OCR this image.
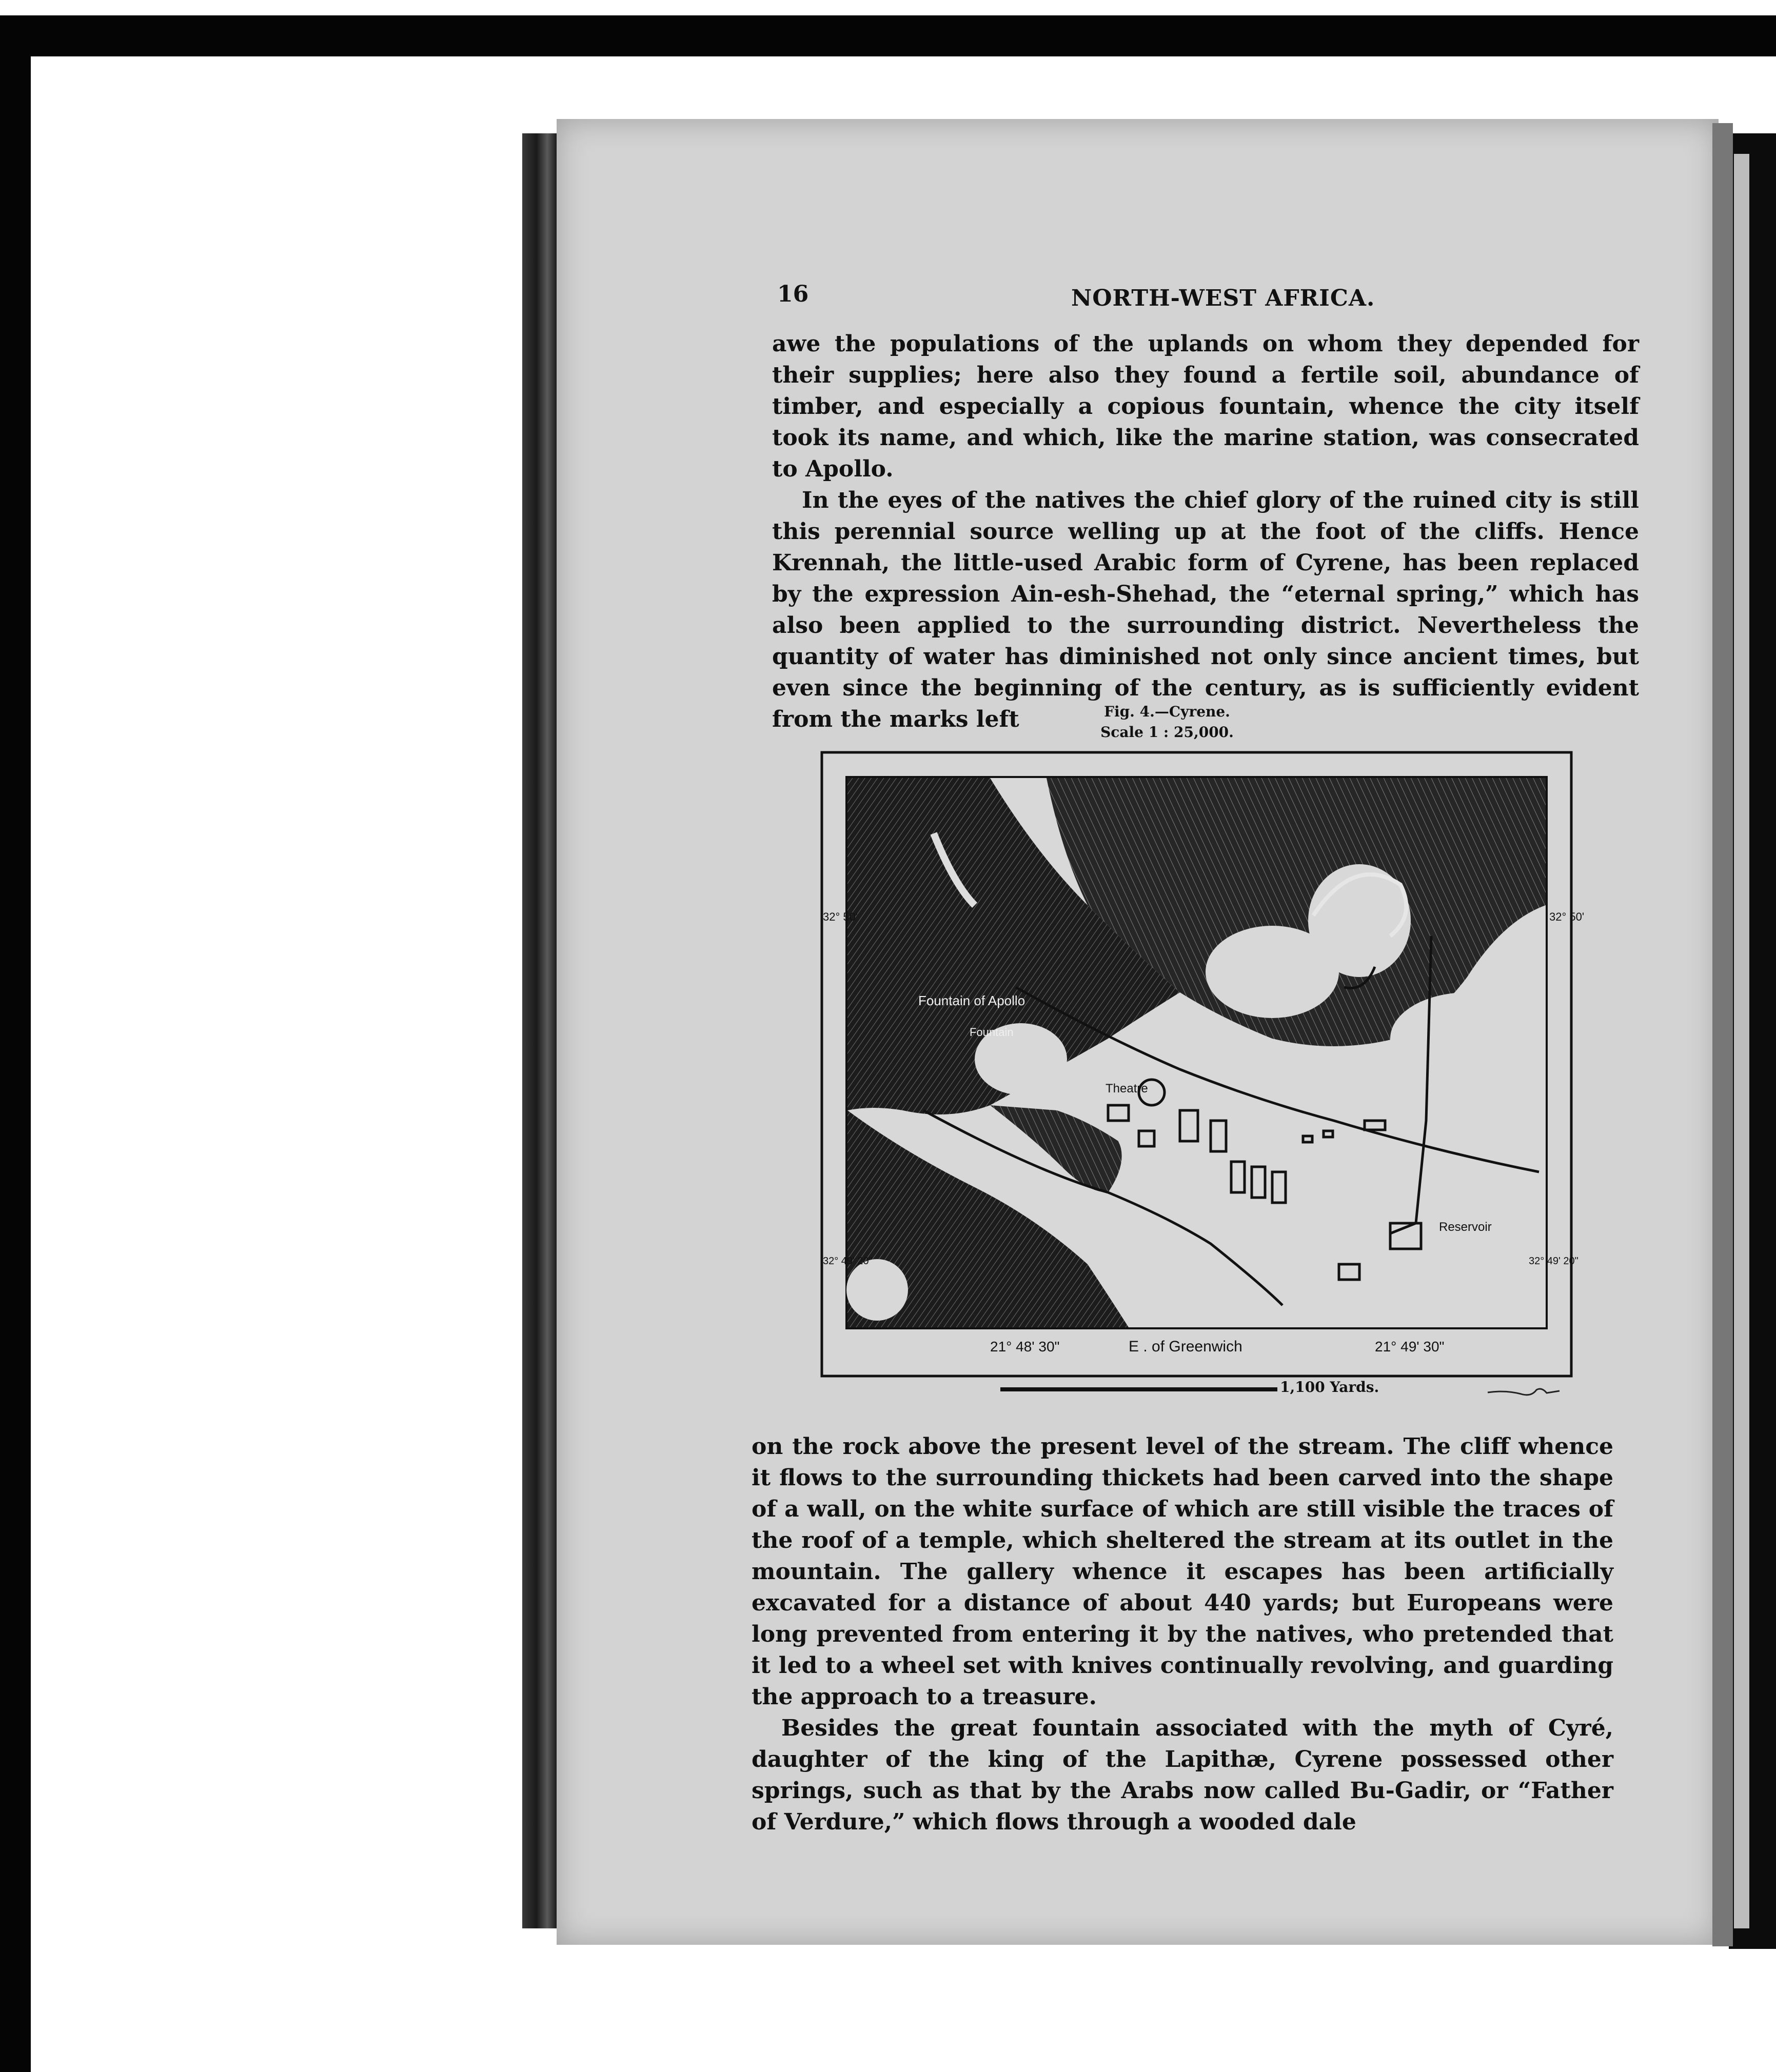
16	NORTH-WEST AFRICA.

awe the populations of the uplands on whom they depended for their supplies; here also they found a fertile soil, abundance of timber, and especially a copious fountain, whence the city itself took its name, and which, like the marine station, was consecrated to Apollo.

In the eyes of the natives the chief glory of the ruined city is still this perennial source welling up at the foot of the cliffs. Hence Krennah, the little-used Arabic form of Cyrene, has been replaced by the expression Ain-esh-Shehad, the “eternal spring,” which has also been applied to the surrounding district. Nevertheless the quantity of water has diminished not only since ancient times, but even since the beginning of the century, as is sufficiently evident from the marks left	Fig. 4.—Cyrene.
Scale 1 : 25,000.
Fountain of Apollo
Fountain
Theatre
Reservoir
32° 50'	32° 50'
32° 49' 20"	32° 49' 20"
21° 48' 30"	E . of Greenwich	21° 49' 30"
1,100 Yards.

on the rock above the present level of the stream. The cliff whence it flows to the surrounding thickets had been carved into the shape of a wall, on the white surface of which are still visible the traces of the roof of a temple, which sheltered the stream at its outlet in the mountain. The gallery whence it escapes has been artificially excavated for a distance of about 440 yards; but Europeans were long prevented from entering it by the natives, who pretended that it led to a wheel set with knives continually revolving, and guarding the approach to a treasure.

Besides the great fountain associated with the myth of Cyré, daughter of the king of the Lapithæ, Cyrene possessed other springs, such as that by the Arabs now called Bu-Gadir, or “Father of Verdure,” which flows through a wooded dale
